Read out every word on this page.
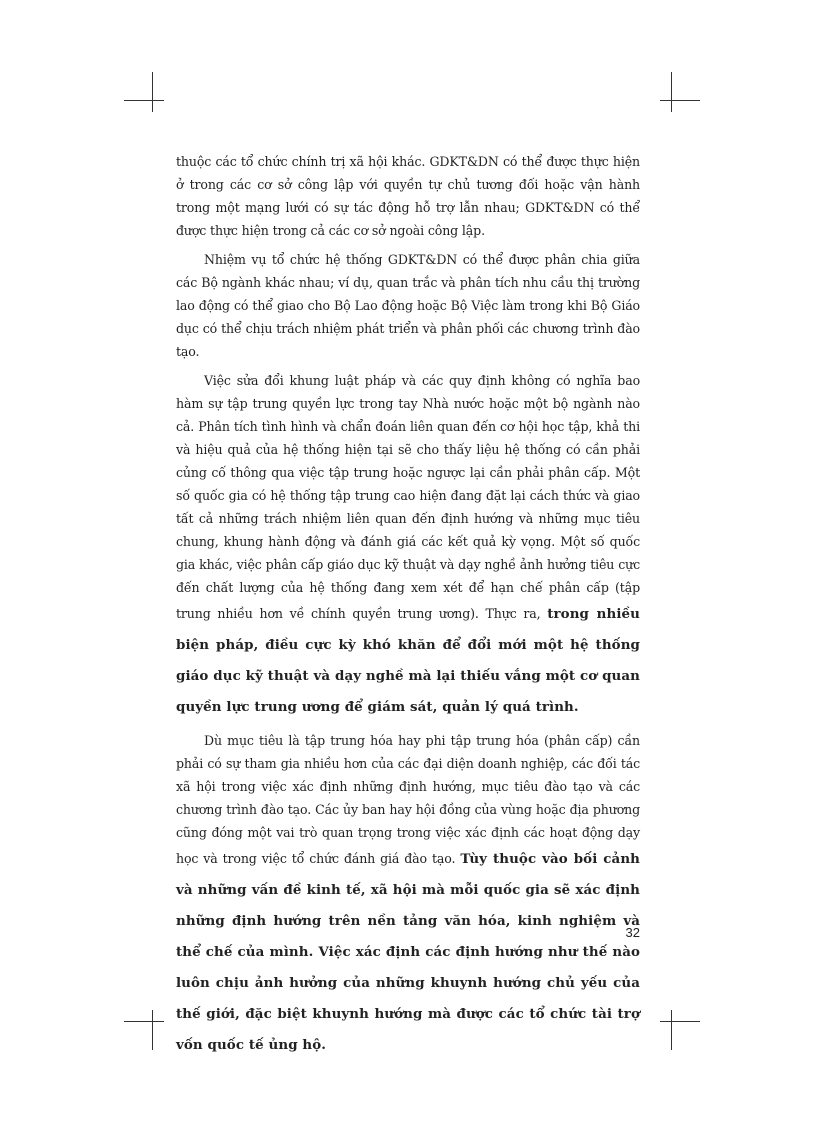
thuộc các tổ chức chính trị xã hội khác. GDKT&DN có thể được thực hiện ở trong các cơ sở công lập với quyền tự chủ tương đối hoặc vận hành trong một mạng lưới có sự tác động hỗ trợ lẫn nhau; GDKT&DN có thể được thực hiện trong cả các cơ sở ngoài công lập.

Nhiệm vụ tổ chức hệ thống GDKT&DN có thể được phân chia giữa các Bộ ngành khác nhau; ví dụ, quan trắc và phân tích nhu cầu thị trường lao động có thể giao cho Bộ Lao động hoặc Bộ Việc làm trong khi Bộ Giáo dục có thể chịu trách nhiệm phát triển và phân phối các chương trình đào tạo.

Việc sửa đổi khung luật pháp và các quy định không có nghĩa bao hàm sự tập trung quyền lực trong tay Nhà nước hoặc một bộ ngành nào cả. Phân tích tình hình và chẩn đoán liên quan đến cơ hội học tập, khả thi và hiệu quả của hệ thống hiện tại sẽ cho thấy liệu hệ thống có cần phải củng cố thông qua việc tập trung hoặc ngược lại cần phải phân cấp. Một số quốc gia có hệ thống tập trung cao hiện đang đặt lại cách thức và giao tất cả những trách nhiệm liên quan đến định hướng và những mục tiêu chung, khung hành động và đánh giá các kết quả kỳ vọng. Một số quốc gia khác, việc phân cấp giáo dục kỹ thuật và dạy nghề ảnh hưởng tiêu cực đến chất lượng của hệ thống đang xem xét để hạn chế phân cấp (tập trung nhiều hơn về chính quyền trung ương). Thực ra, trong nhiều biện pháp, điều cực kỳ khó khăn để đổi mới một hệ thống giáo dục kỹ thuật và dạy nghề mà lại thiếu vắng một cơ quan quyền lực trung ương để giám sát, quản lý quá trình.

Dù mục tiêu là tập trung hóa hay phi tập trung hóa (phân cấp) cần phải có sự tham gia nhiều hơn của các đại diện doanh nghiệp, các đối tác xã hội trong việc xác định những định hướng, mục tiêu đào tạo và các chương trình đào tạo. Các ủy ban hay hội đồng của vùng hoặc địa phương cũng đóng một vai trò quan trọng trong việc xác định các hoạt động dạy học và trong việc tổ chức đánh giá đào tạo. Tùy thuộc vào bối cảnh và những vấn đề kinh tế, xã hội mà mỗi quốc gia sẽ xác định những định hướng trên nền tảng văn hóa, kinh nghiệm và thể chế của mình. Việc xác định các định hướng như thế nào luôn chịu ảnh hưởng của những khuynh hướng chủ yếu của thế giới, đặc biệt khuynh hướng mà được các tổ chức tài trợ vốn quốc tế ủng hộ.

32
